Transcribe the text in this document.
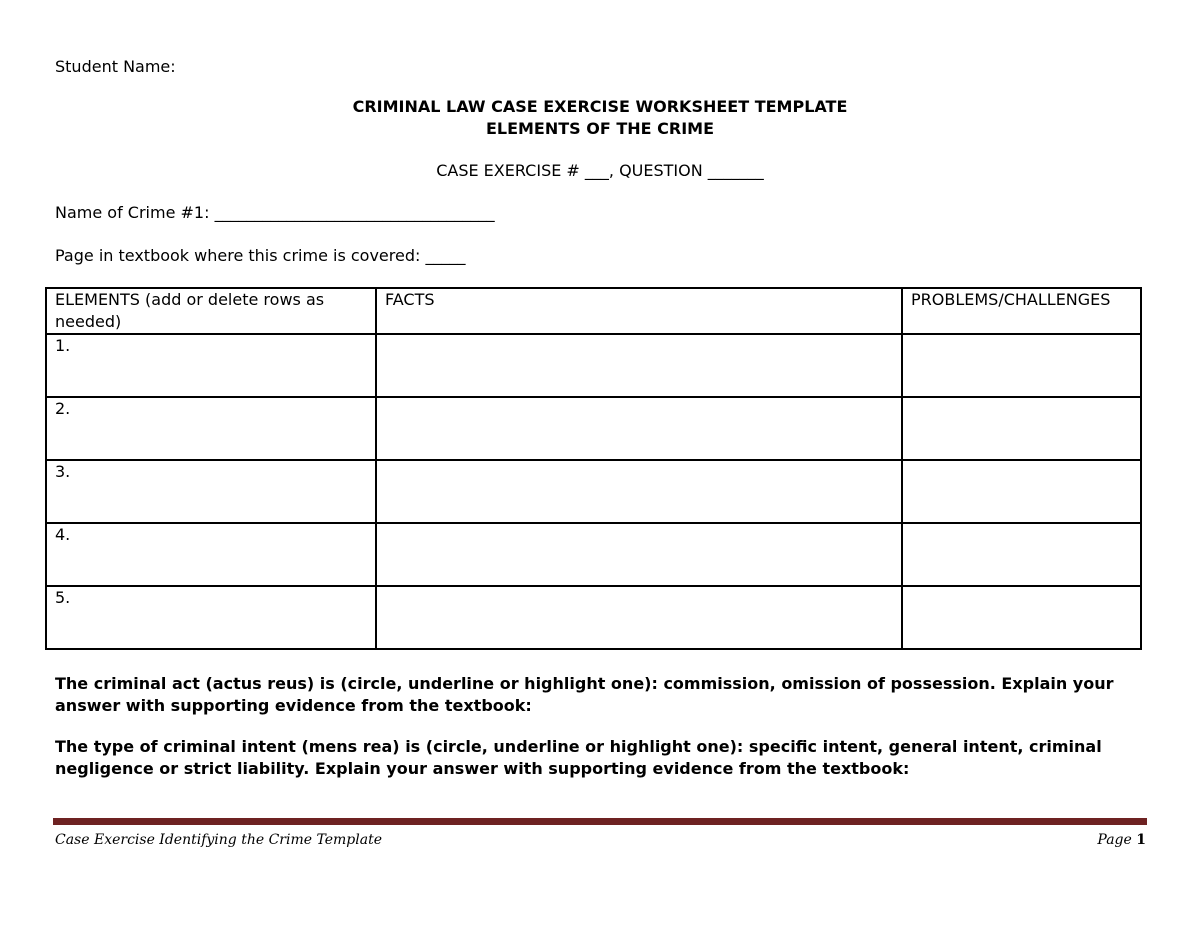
Student Name:
CRIMINAL LAW CASE EXERCISE WORKSHEET TEMPLATE
ELEMENTS OF THE CRIME
CASE EXERCISE # ___, QUESTION _______
Name of Crime #1: ___________________________________
Page in textbook where this crime is covered: _____
ELEMENTS (add or delete rows as needed)	FACTS	PROBLEMS/CHALLENGES
1.		
2.		
3.		
4.		
5.		
The criminal act (actus reus) is (circle, underline or highlight one): commission, omission of possession. Explain your answer with supporting evidence from the textbook:
The type of criminal intent (mens rea) is (circle, underline or highlight one): specific intent, general intent, criminal negligence or strict liability. Explain your answer with supporting evidence from the textbook:
Case Exercise Identifying the Crime Template	Page 1
